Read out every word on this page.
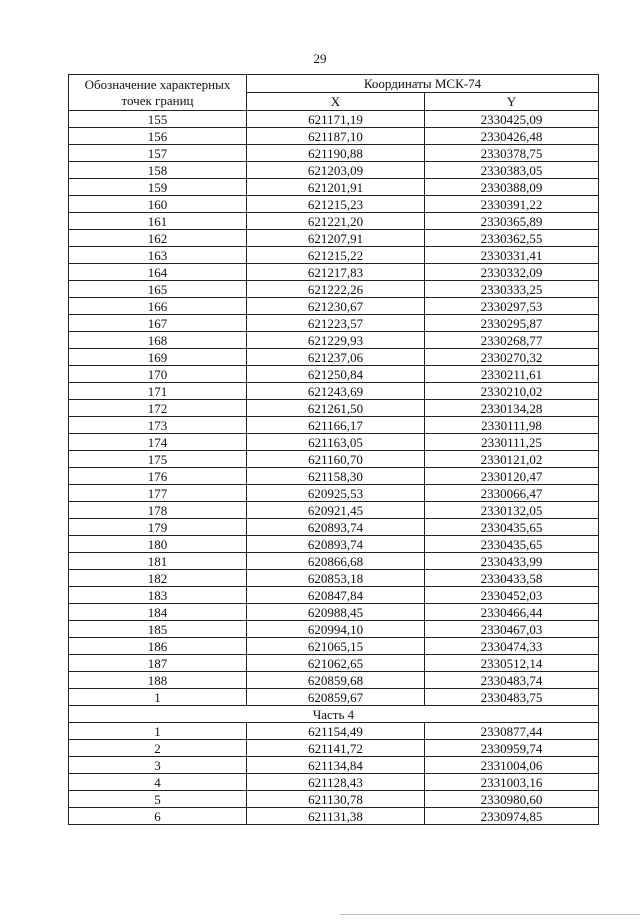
29
Обозначение характерных точек границ	Координаты МСК-74	
	X	Y
155	621171,19	2330425,09
156	621187,10	2330426,48
157	621190,88	2330378,75
158	621203,09	2330383,05
159	621201,91	2330388,09
160	621215,23	2330391,22
161	621221,20	2330365,89
162	621207,91	2330362,55
163	621215,22	2330331,41
164	621217,83	2330332,09
165	621222,26	2330333,25
166	621230,67	2330297,53
167	621223,57	2330295,87
168	621229,93	2330268,77
169	621237,06	2330270,32
170	621250,84	2330211,61
171	621243,69	2330210,02
172	621261,50	2330134,28
173	621166,17	2330111,98
174	621163,05	2330111,25
175	621160,70	2330121,02
176	621158,30	2330120,47
177	620925,53	2330066,47
178	620921,45	2330132,05
179	620893,74	2330435,65
180	620893,74	2330435,65
181	620866,68	2330433,99
182	620853,18	2330433,58
183	620847,84	2330452,03
184	620988,45	2330466,44
185	620994,10	2330467,03
186	621065,15	2330474,33
187	621062,65	2330512,14
188	620859,68	2330483,74
1	620859,67	2330483,75
Часть 4		
1	621154,49	2330877,44
2	621141,72	2330959,74
3	621134,84	2331004,06
4	621128,43	2331003,16
5	621130,78	2330980,60
6	621131,38	2330974,85
